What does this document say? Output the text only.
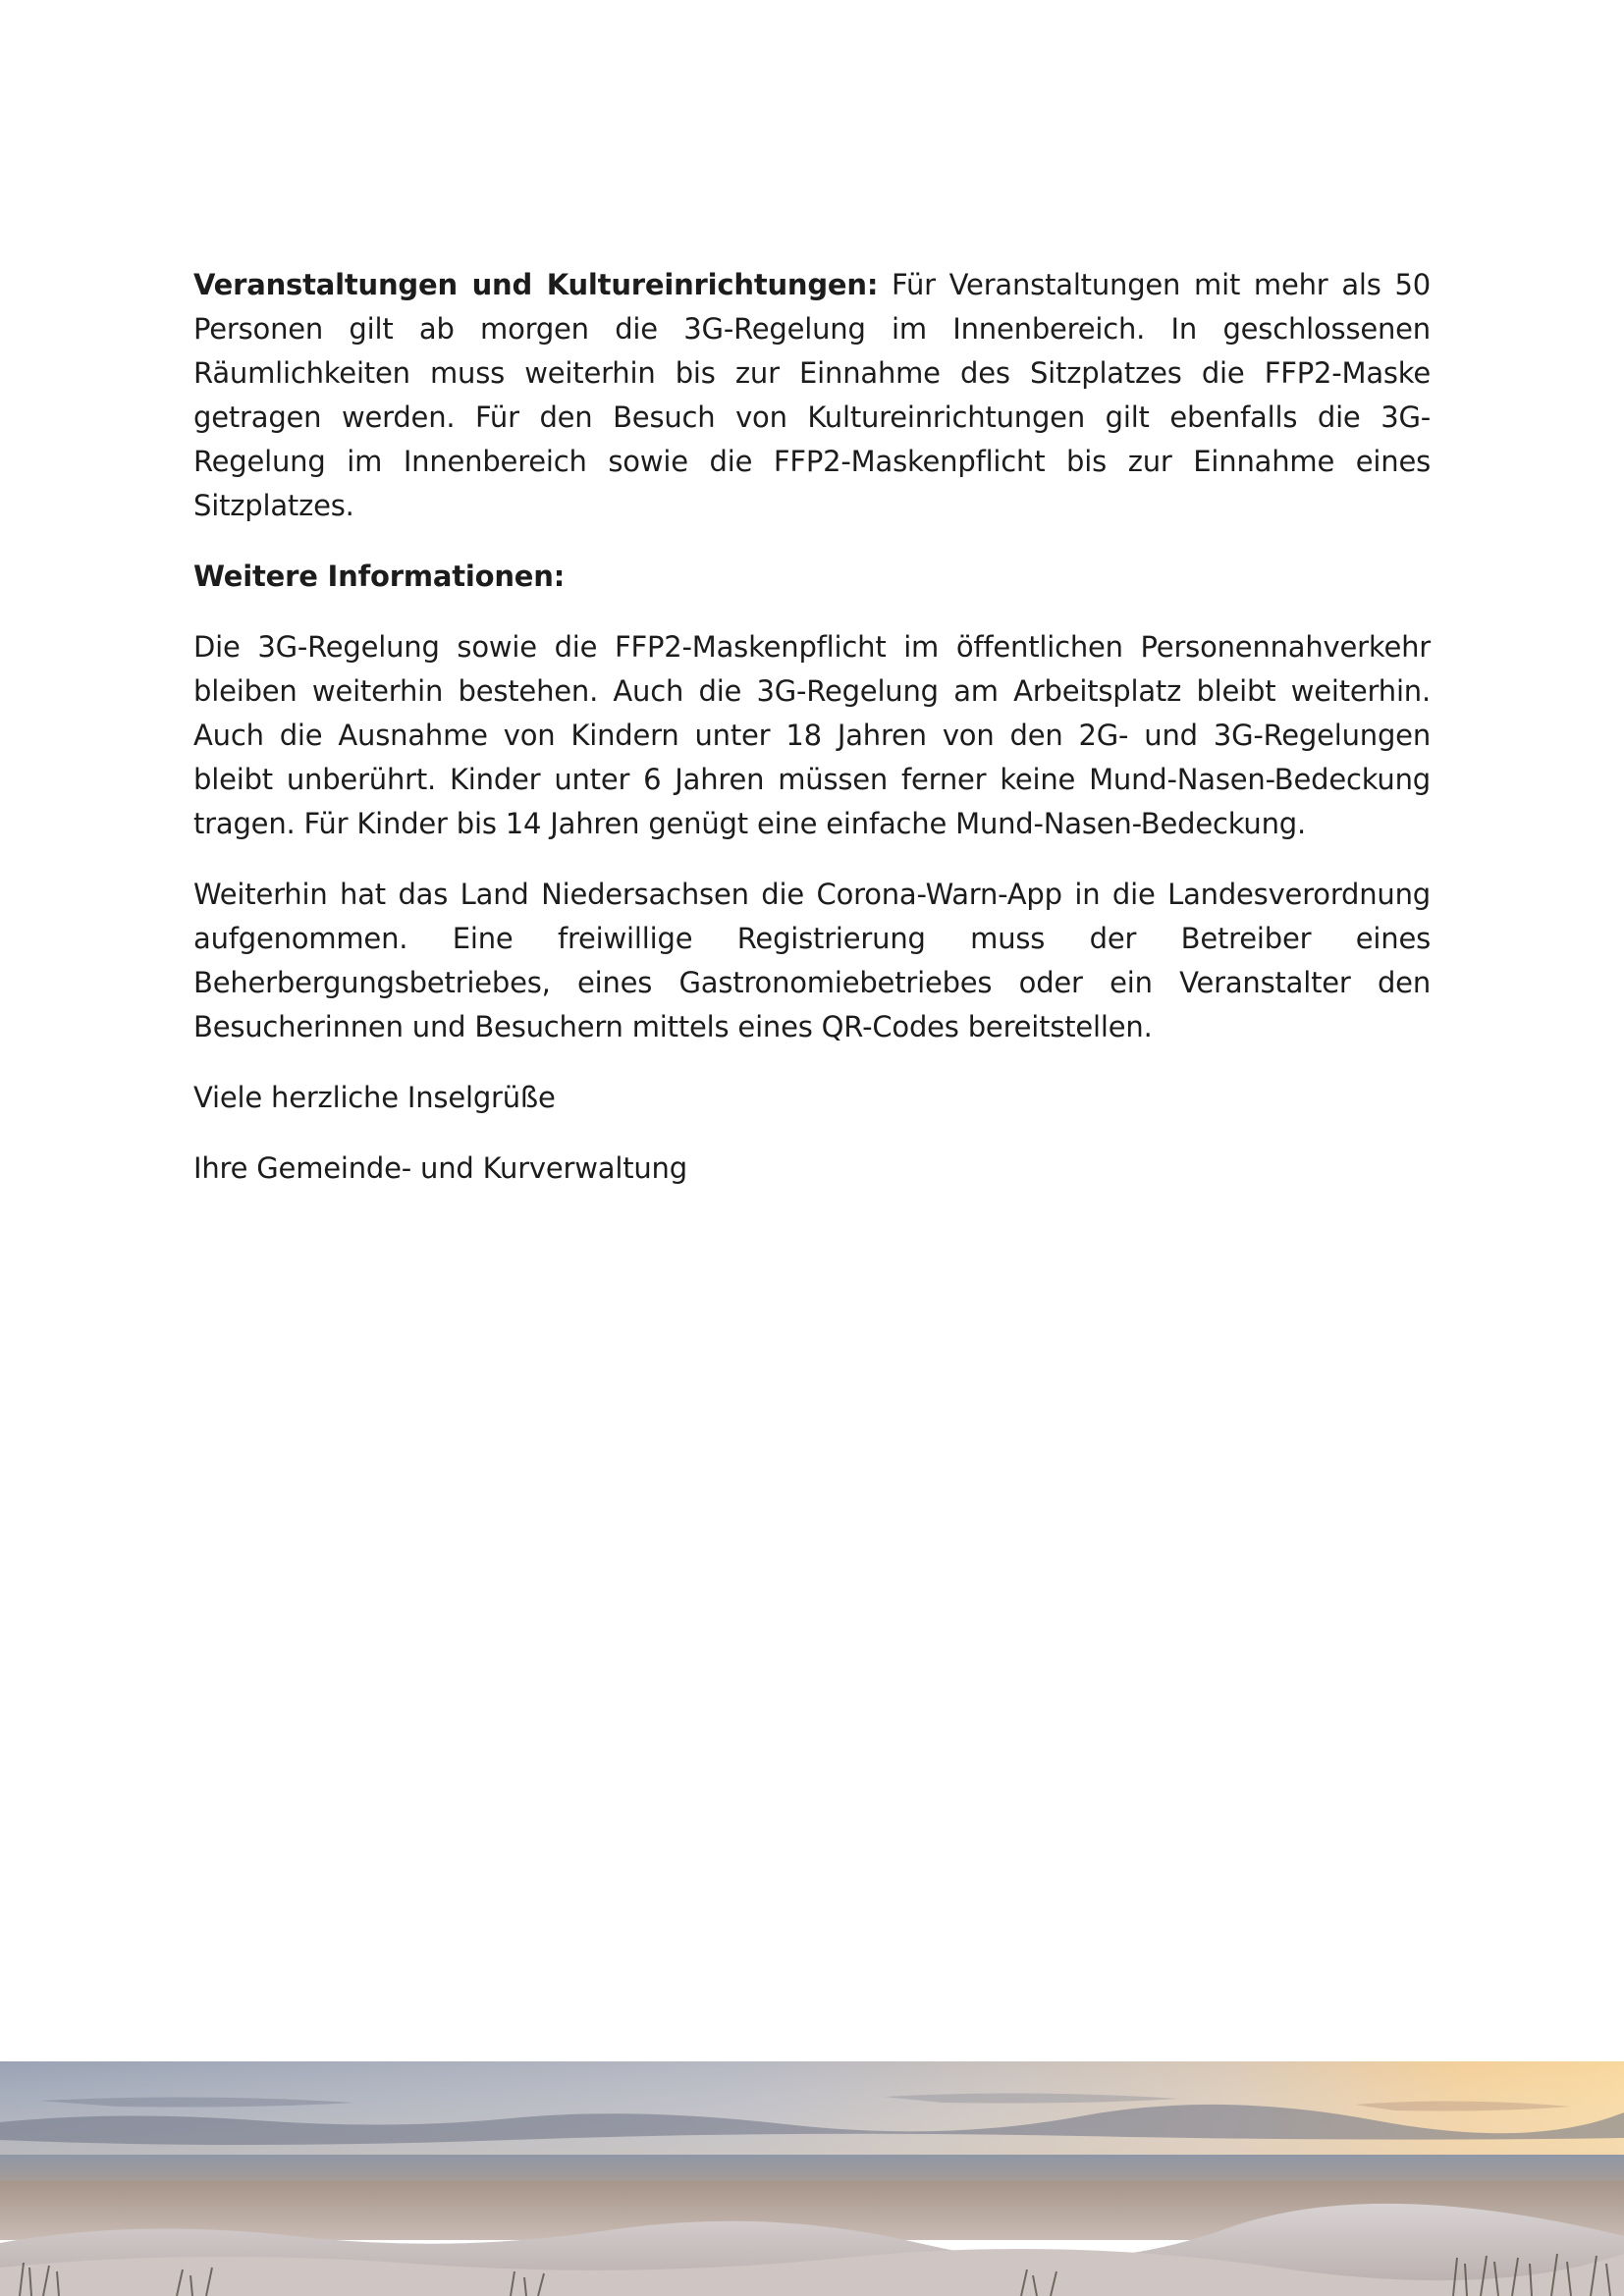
Veranstaltungen und Kultureinrichtungen: Für Veranstaltungen mit mehr als 50 Personen gilt ab morgen die 3G-Regelung im Innenbereich. In geschlossenen Räumlichkeiten muss weiterhin bis zur Einnahme des Sitzplatzes die FFP2-Maske getragen werden. Für den Besuch von Kultureinrichtungen gilt ebenfalls die 3G-Regelung im Innenbereich sowie die FFP2-Maskenpflicht bis zur Einnahme eines Sitzplatzes.

Weitere Informationen:

Die 3G-Regelung sowie die FFP2-Maskenpflicht im öffentlichen Personennahverkehr bleiben weiterhin bestehen. Auch die 3G-Regelung am Arbeitsplatz bleibt weiterhin. Auch die Ausnahme von Kindern unter 18 Jahren von den 2G- und 3G-Regelungen bleibt unberührt. Kinder unter 6 Jahren müssen ferner keine Mund-Nasen-Bedeckung tragen. Für Kinder bis 14 Jahren genügt eine einfache Mund-Nasen-Bedeckung.

Weiterhin hat das Land Niedersachsen die Corona-Warn-App in die Landesverordnung aufgenommen. Eine freiwillige Registrierung muss der Betreiber eines Beherbergungsbetriebes, eines Gastronomiebetriebes oder ein Veranstalter den Besucherinnen und Besuchern mittels eines QR-Codes bereitstellen.

Viele herzliche Inselgrüße

Ihre Gemeinde- und Kurverwaltung
